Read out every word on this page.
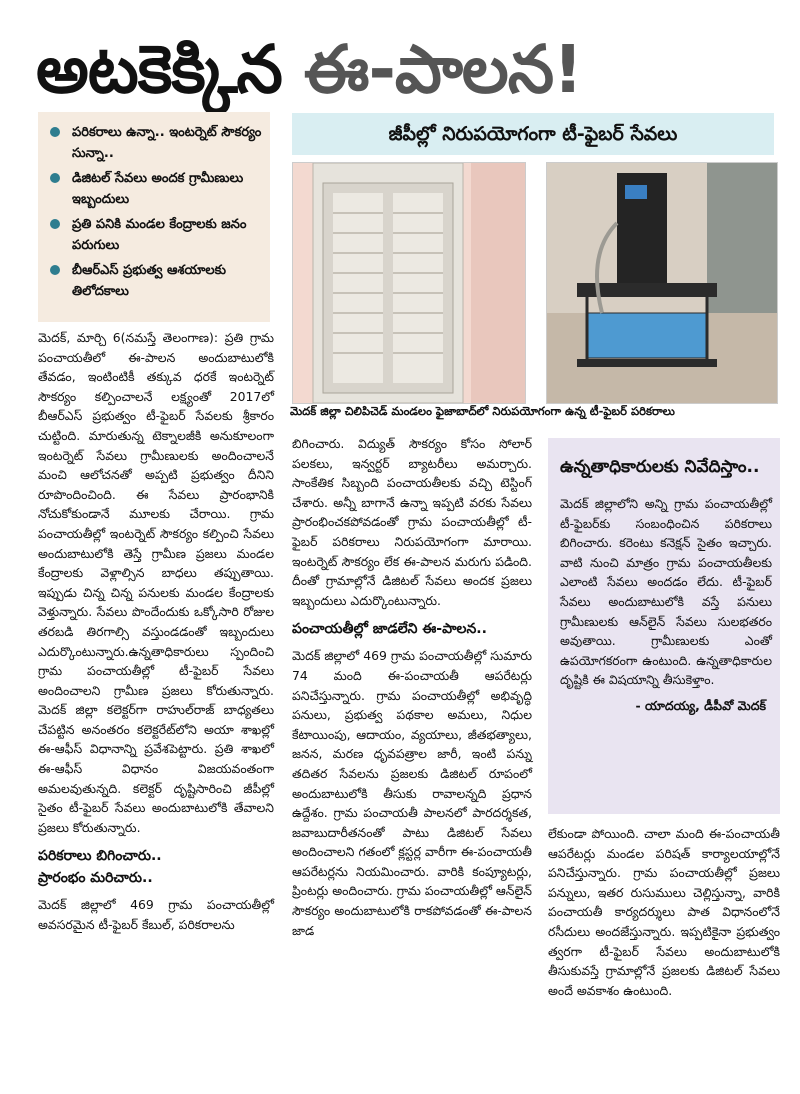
అటకెక్కిన ఈ-పాలన!
పరికరాలు ఉన్నా.. ఇంటర్నెట్ సౌకర్యం సున్నా..
డిజిటల్ సేవలు అందక గ్రామీణులు ఇబ్బందులు
ప్రతి పనికి మండల కేంద్రాలకు జనం పరుగులు
బీఆర్ఎస్ ప్రభుత్వ ఆశయాలకు తిలోదకాలు
జీపీల్లో నిరుపయోగంగా టీ-ఫైబర్ సేవలు
మెదక్ జిల్లా చిలిపిచెడ్ మండలం ఫైజాబాద్‌లో నిరుపయోగంగా ఉన్న టీ-ఫైబర్ పరికరాలు

మెదక్, మార్చి 6(నమస్తే తెలంగాణ): ప్రతి గ్రామ పంచాయతీలో ఈ-పాలన అందుబాటులోకి తేవడం, ఇంటింటికీ తక్కువ ధరకే ఇంటర్నెట్ సౌకర్యం కల్పించాలనే లక్ష్యంతో 2017లో బీఆర్ఎస్ ప్రభుత్వం టీ-ఫైబర్ సేవలకు శ్రీకారం చుట్టింది. మారుతున్న టెక్నాలజీకి అనుకూలంగా ఇంటర్నెట్ సేవలు గ్రామీణులకు అందించాలనే మంచి ఆలోచనతో అప్పటి ప్రభుత్వం దీనిని రూపొందించింది. ఈ సేవలు ప్రారంభానికి నోచుకోకుండానే మూలకు చేరాయి. గ్రామ పంచాయతీల్లో ఇంటర్నెట్ సౌకర్యం కల్పించి సేవలు అందుబాటులోకి తెస్తే గ్రామీణ ప్రజలు మండల కేంద్రాలకు వెళ్లాల్సిన బాధలు తప్పుతాయి. ఇప్పుడు చిన్న చిన్న పనులకు మండల కేంద్రాలకు వెళ్తున్నారు. సేవలు పొందేందుకు ఒక్కోసారి రోజుల తరబడి తిరగాల్సి వస్తుండడంతో ఇబ్బందులు ఎదుర్కొంటున్నారు.ఉన్నతాధికారులు స్పందించి గ్రామ పంచాయతీల్లో టీ-ఫైబర్ సేవలు అందించాలని గ్రామీణ ప్రజలు కోరుతున్నారు. మెదక్ జిల్లా కలెక్టర్‌గా రాహుల్‌రాజ్ బాధ్యతలు చేపట్టిన అనంతరం కలెక్టరేట్‌లోని అయా శాఖల్లో ఈ-ఆఫీస్ విధానాన్ని ప్రవేశపెట్టారు. ప్రతి శాఖలో ఈ-ఆఫీస్ విధానం విజయవంతంగా అమలవుతున్నది. కలెక్టర్ దృష్టిసారించి జీపీల్లో సైతం టీ-ఫైబర్ సేవలు అందుబాటులోకి తేవాలని ప్రజలు కోరుతున్నారు.

పరికరాలు బిగించారు..
ప్రారంభం మరిచారు..

మెదక్ జిల్లాలో 469 గ్రామ పంచాయతీల్లో అవసరమైన టీ-ఫైబర్ కేబుల్, పరికరాలను

బిగించారు. విద్యుత్ సౌకర్యం కోసం సోలార్ పలకలు, ఇన్వర్టర్ బ్యాటరీలు అమర్చారు. సాంకేతిక సిబ్బంది పంచాయతీలకు వచ్చి టెస్టింగ్ చేశారు. అన్నీ బాగానే ఉన్నా ఇప్పటి వరకు సేవలు ప్రారంభించకపోవడంతో గ్రామ పంచాయతీల్లో టీ-ఫైబర్ పరికరాలు నిరుపయోగంగా మారాయి. ఇంటర్నెట్ సౌకర్యం లేక ఈ-పాలన మరుగు పడింది. దీంతో గ్రామాల్లోనే డిజిటల్ సేవలు అందక ప్రజలు ఇబ్బందులు ఎదుర్కొంటున్నారు.

పంచాయతీల్లో జాడలేని ఈ-పాలన..

మెదక్ జిల్లాలో 469 గ్రామ పంచాయతీల్లో సుమారు 74 మంది ఈ-పంచాయతీ ఆపరేటర్లు పనిచేస్తున్నారు. గ్రామ పంచాయతీల్లో అభివృద్ధి పనులు, ప్రభుత్వ పథకాల అమలు, నిధుల కేటాయింపు, ఆదాయం, వ్యయాలు, జీతభత్యాలు, జనన, మరణ ధృవపత్రాల జారీ, ఇంటి పన్ను తదితర సేవలను ప్రజలకు డిజిటల్ రూపంలో అందుబాటులోకి తీసుకు రావాలన్నది ప్రధాన ఉద్దేశం. గ్రామ పంచాయతీ పాలనలో పారదర్శకత, జవాబుదారీతనంతో పాటు డిజిటల్ సేవలు అందించాలని గతంలో క్లస్టర్ల వారీగా ఈ-పంచాయతీ ఆపరేటర్లను నియమించారు. వారికి కంప్యూటర్లు, ప్రింటర్లు అందించారు. గ్రామ పంచాయతీల్లో ఆన్‌లైన్ సౌకర్యం అందుబాటులోకి రాకపోవడంతో ఈ-పాలన జాడ

ఉన్నతాధికారులకు నివేదిస్తాం..
మెదక్ జిల్లాలోని అన్ని గ్రామ పంచాయతీల్లో టీ-ఫైబర్‌కు సంబంధించిన పరికరాలు బిగించారు. కరెంటు కనెక్షన్ సైతం ఇచ్చారు. వాటి నుంచి మాత్రం గ్రామ పంచాయతీలకు ఎలాంటి సేవలు అందడం లేదు. టీ-ఫైబర్ సేవలు అందుబాటులోకి వస్తే పనులు గ్రామీణులకు ఆన్‌లైన్ సేవలు సులభతరం అవుతాయి. గ్రామీణులకు ఎంతో ఉపయోగకరంగా ఉంటుంది. ఉన్నతాధికారుల దృష్టికి ఈ విషయాన్ని తీసుకెళ్తాం.
- యాదయ్య, డీపీవో మెదక్

లేకుండా పోయింది. చాలా మంది ఈ-పంచాయతీ ఆపరేటర్లు మండల పరిషత్ కార్యాలయాల్లోనే పనిచేస్తున్నారు. గ్రామ పంచాయతీల్లో ప్రజలు పన్నులు, ఇతర రుసుములు చెల్లిస్తున్నా, వారికి పంచాయతీ కార్యదర్శులు పాత విధానంలోనే రసీదులు అందజేస్తున్నారు. ఇప్పటికైనా ప్రభుత్వం త్వరగా టీ-ఫైబర్ సేవలు అందుబాటులోకి తీసుకువస్తే గ్రామాల్లోనే ప్రజలకు డిజిటల్ సేవలు అందే అవకాశం ఉంటుంది.
